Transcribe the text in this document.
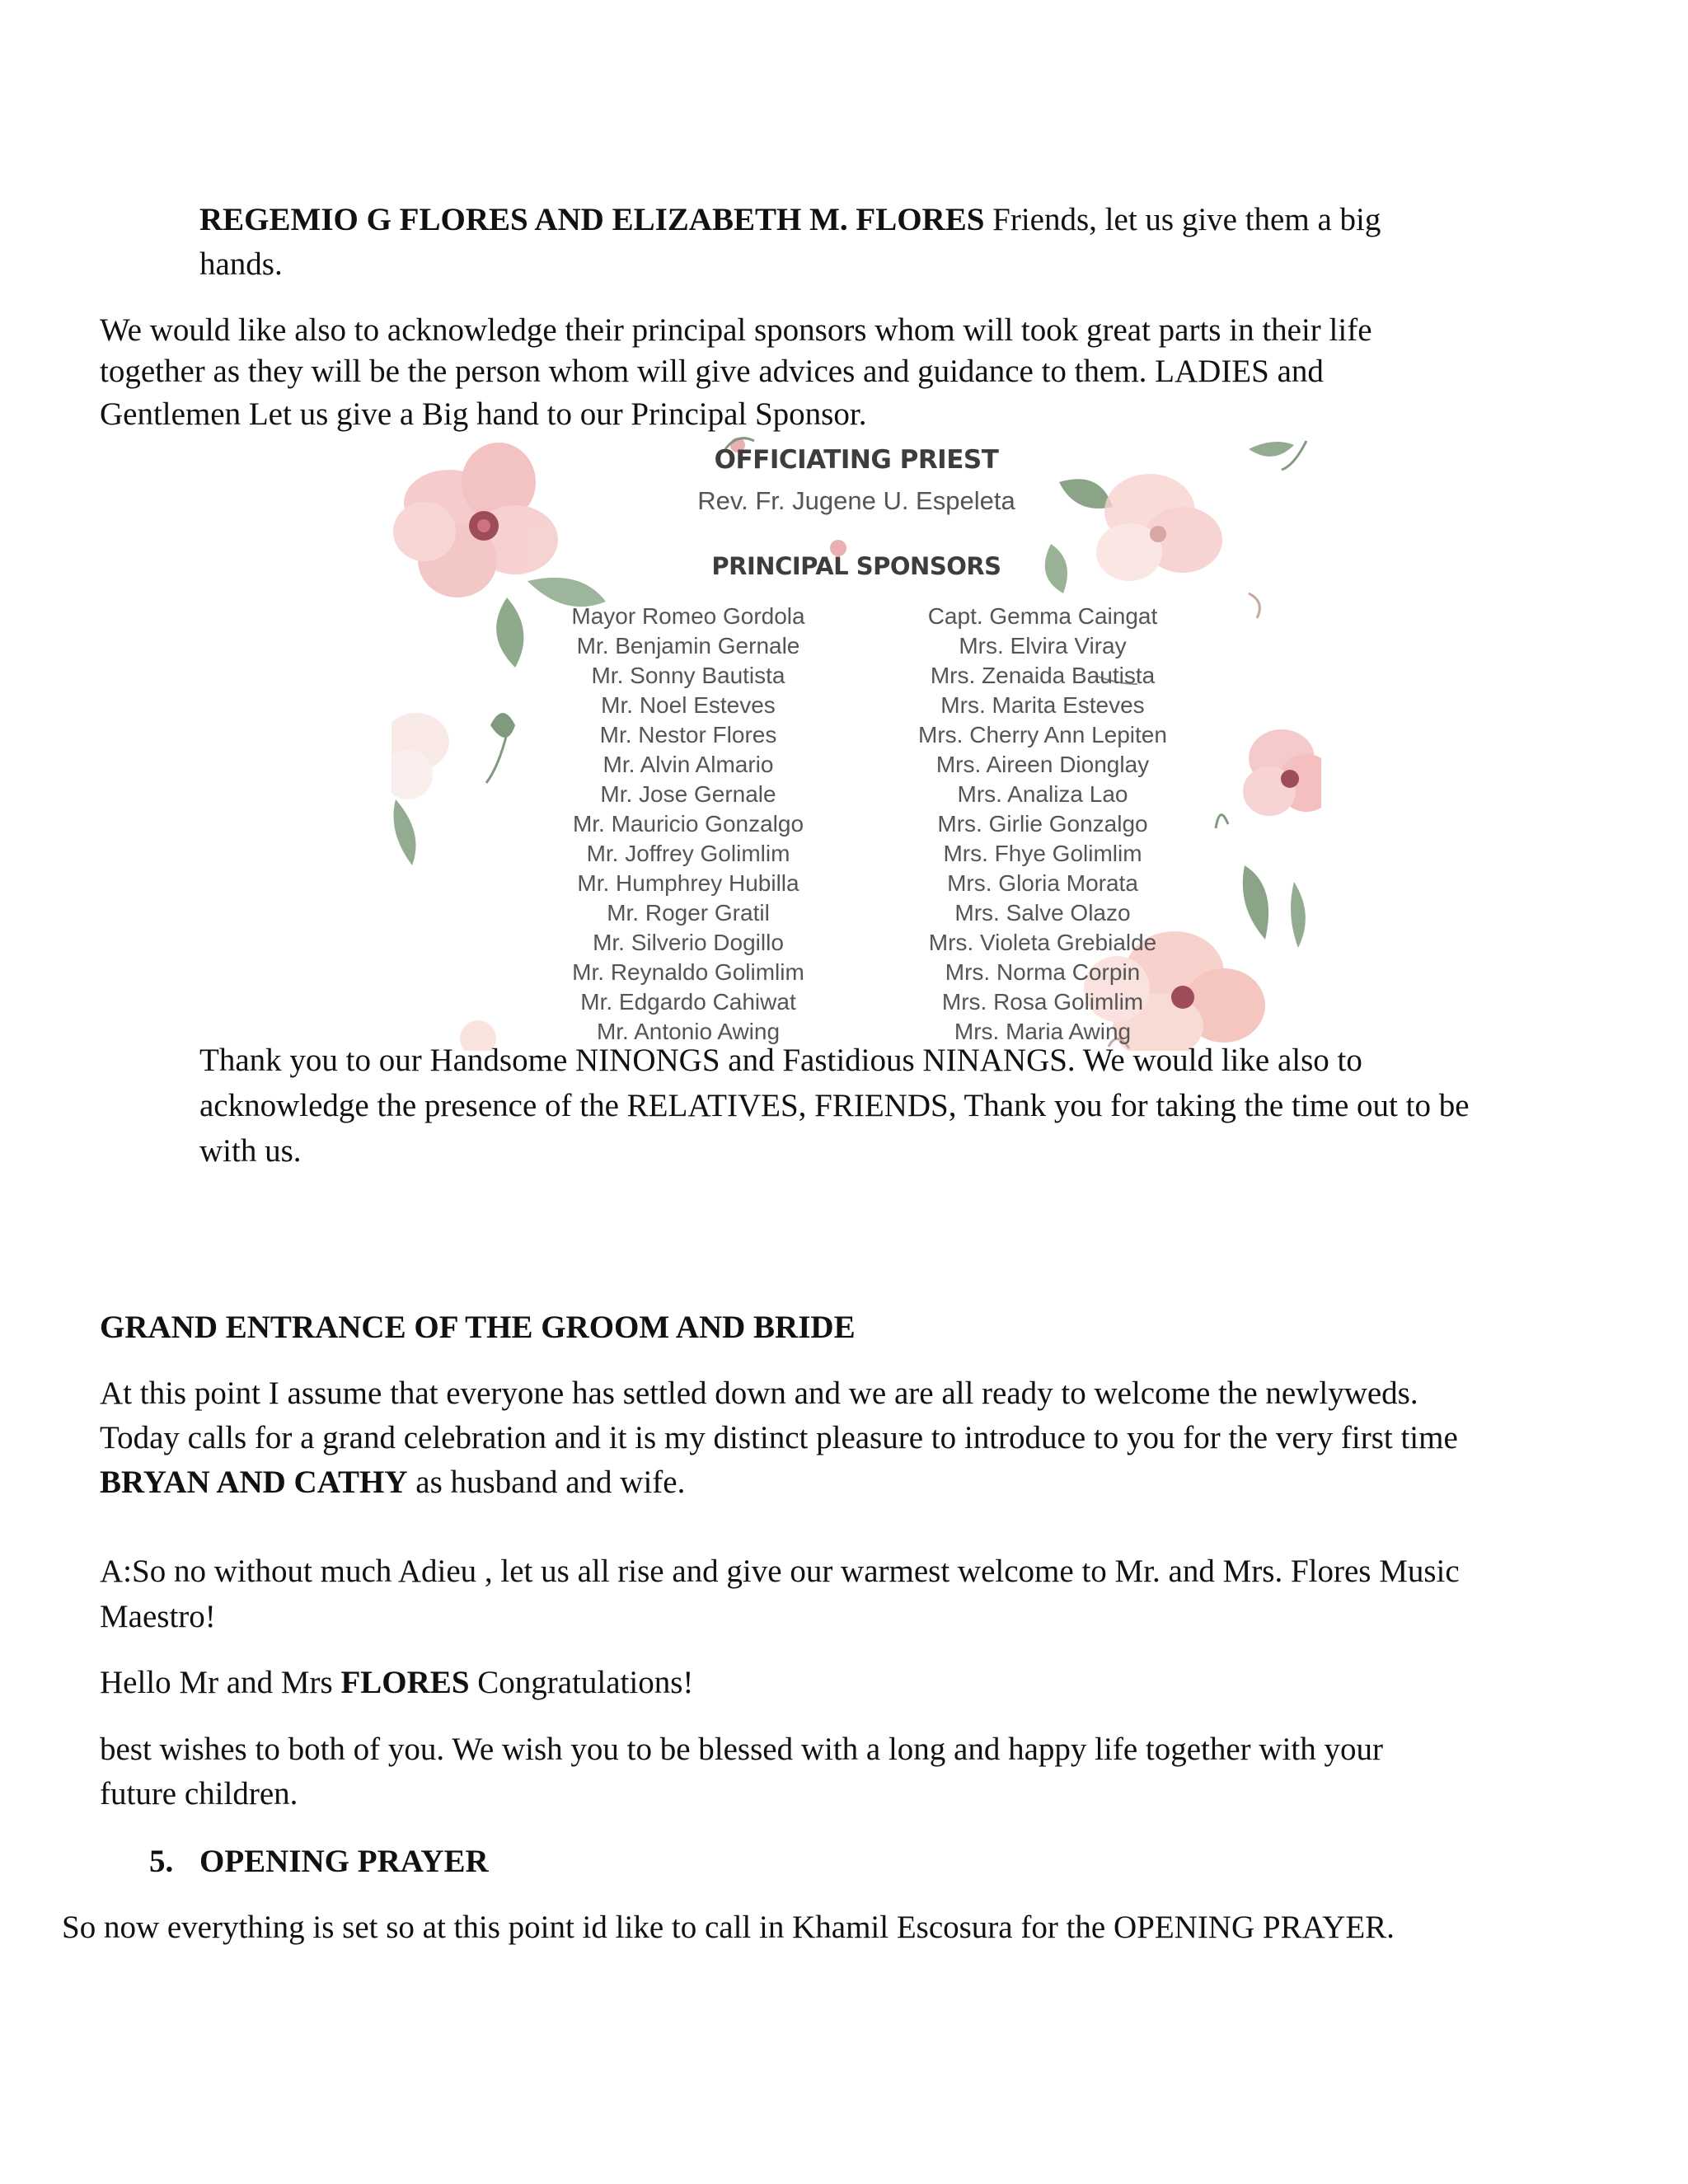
REGEMIO G FLORES AND ELIZABETH M. FLORES Friends, let us give them a big

hands.

We would like also to acknowledge their principal sponsors whom will took great parts in their life

together as they will be the person whom will give advices and guidance to them. LADIES and

Gentlemen Let us give a Big hand to our Principal Sponsor.

OFFICIATING PRIEST
Rev. Fr. Jugene U. Espeleta
PRINCIPAL SPONSORS
Mayor Romeo Gordola
Mr. Benjamin Gernale
Mr. Sonny Bautista
Mr. Noel Esteves
Mr. Nestor Flores
Mr. Alvin Almario
Mr. Jose Gernale
Mr. Mauricio Gonzalgo
Mr. Joffrey Golimlim
Mr. Humphrey Hubilla
Mr. Roger Gratil
Mr. Silverio Dogillo
Mr. Reynaldo Golimlim
Mr. Edgardo Cahiwat
Mr. Antonio Awing
Capt. Gemma Caingat
Mrs. Elvira Viray
Mrs. Zenaida Bautista
Mrs. Marita Esteves
Mrs. Cherry Ann Lepiten
Mrs. Aireen Dionglay
Mrs. Analiza Lao
Mrs. Girlie Gonzalgo
Mrs. Fhye Golimlim
Mrs. Gloria Morata
Mrs. Salve Olazo
Mrs. Violeta Grebialde
Mrs. Norma Corpin
Mrs. Rosa Golimlim
Mrs. Maria Awing

Thank you to our Handsome NINONGS and Fastidious NINANGS. We would like also to

acknowledge the presence of the RELATIVES, FRIENDS, Thank you for taking the time out to be

with us.

GRAND ENTRANCE OF THE GROOM AND BRIDE

At this point I assume that everyone has settled down and we are all ready to welcome the newlyweds.

Today calls for a grand celebration and it is my distinct pleasure to introduce to you for the very first time

BRYAN AND CATHY as husband and wife.

A:So no without much Adieu , let us all rise and give our warmest welcome to Mr. and Mrs. Flores Music

Maestro!

Hello Mr and Mrs FLORES Congratulations!

best wishes to both of you. We wish you to be blessed with a long and happy life together with your

future children.

5. OPENING PRAYER

So now everything is set so at this point id like to call in Khamil Escosura for the OPENING PRAYER.
